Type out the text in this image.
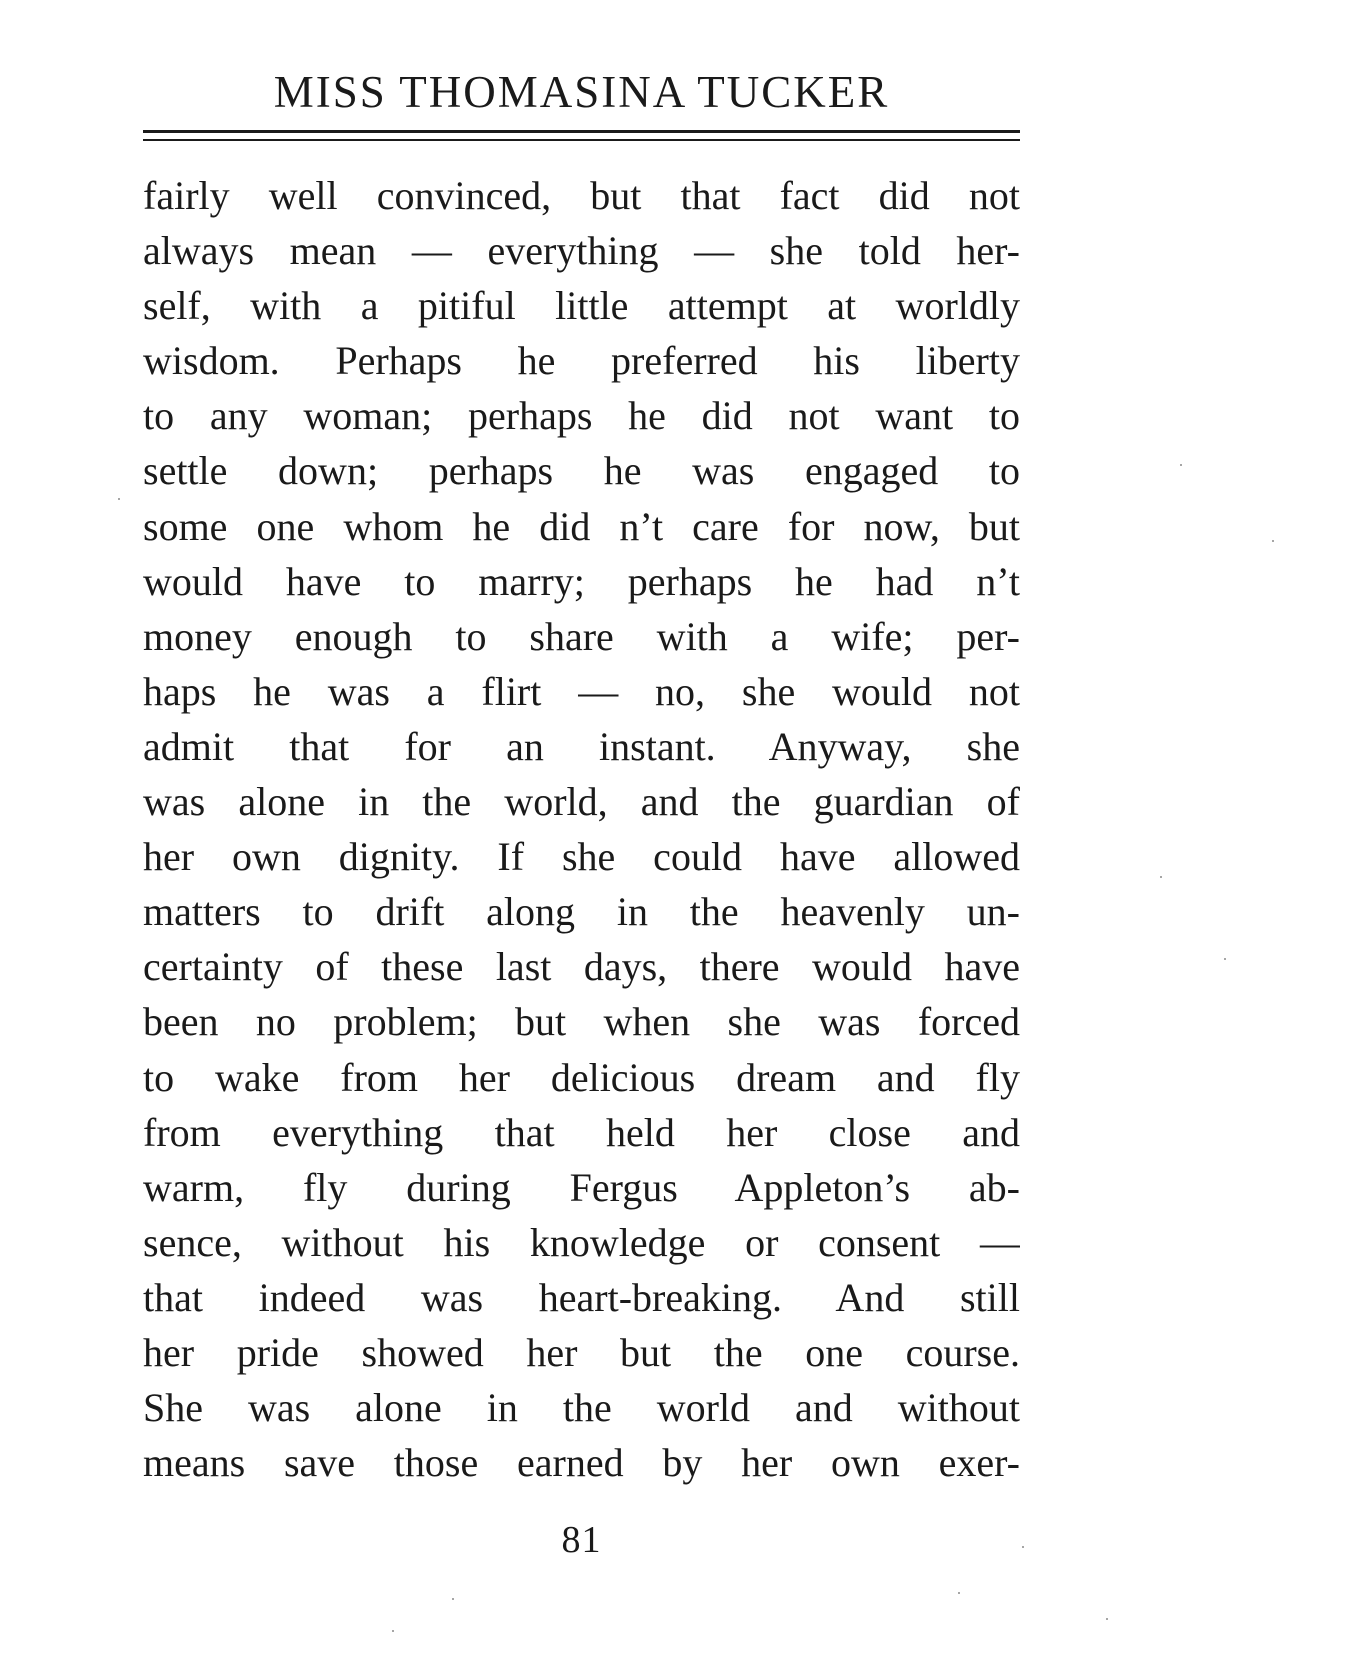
MISS THOMASINA TUCKER
fairly well convinced, but that fact did not
always mean — everything — she told her-
self, with a pitiful little attempt at worldly
wisdom. Perhaps he preferred his liberty
to any woman; perhaps he did not want to
settle down; perhaps he was engaged to
some one whom he did n’t care for now, but
would have to marry; perhaps he had n’t
money enough to share with a wife; per-
haps he was a flirt — no, she would not
admit that for an instant. Anyway, she
was alone in the world, and the guardian of
her own dignity. If she could have allowed
matters to drift along in the heavenly un-
certainty of these last days, there would have
been no problem; but when she was forced
to wake from her delicious dream and fly
from everything that held her close and
warm, fly during Fergus Appleton’s ab-
sence, without his knowledge or consent —
that indeed was heart-breaking. And still
her pride showed her but the one course.
She was alone in the world and without
means save those earned by her own exer-
81
